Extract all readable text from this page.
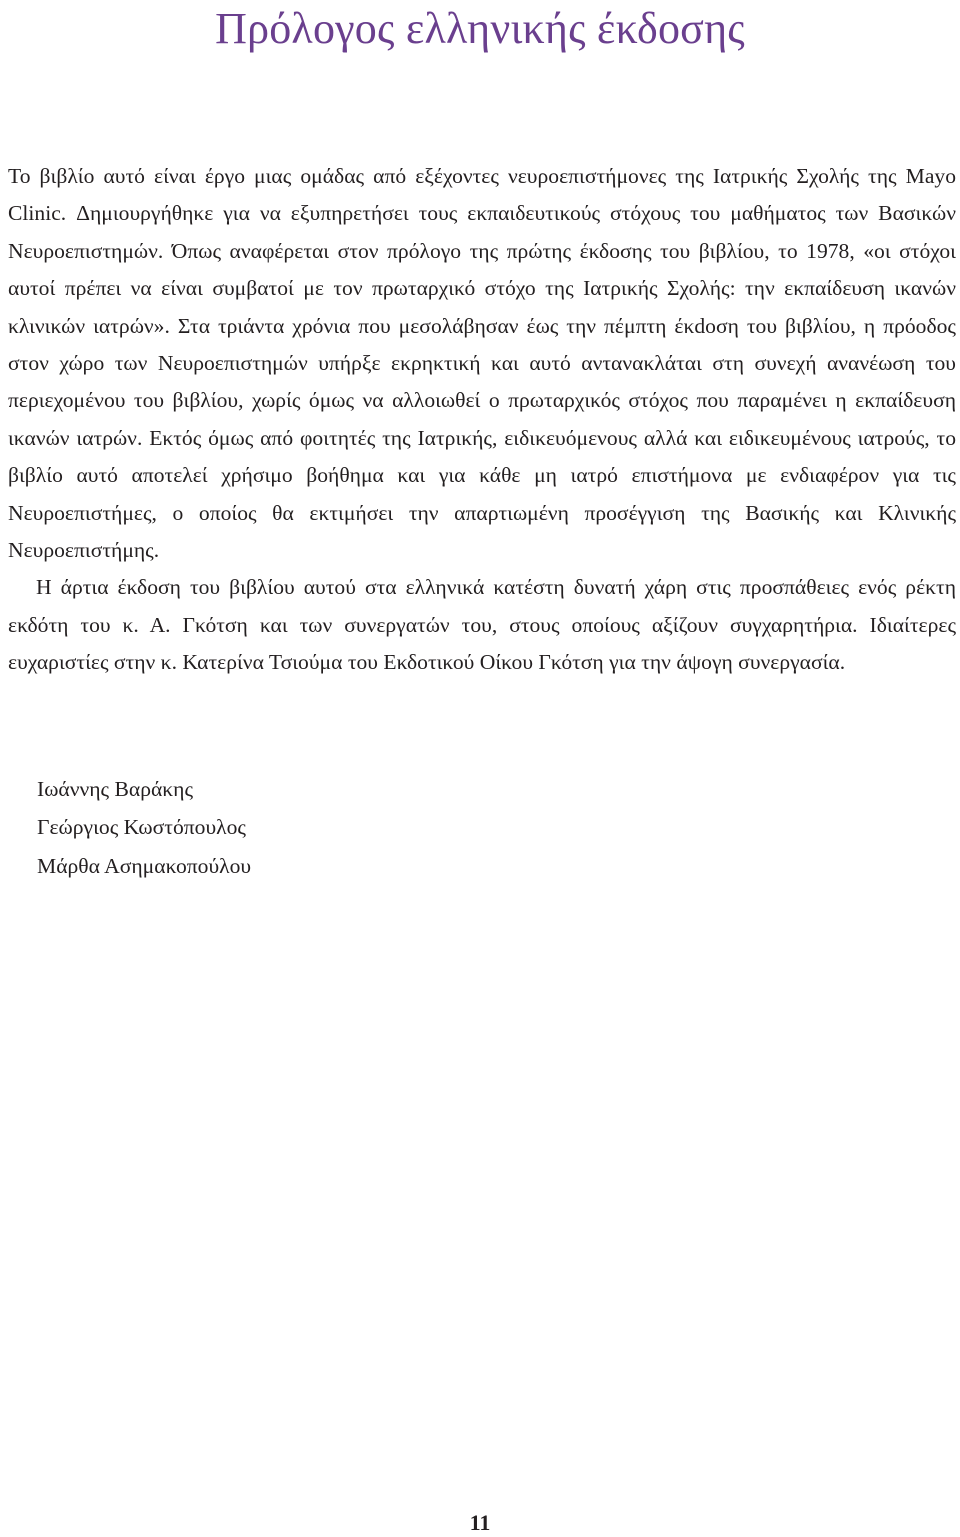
Πρόλογος ελληνικής έκδοσης

Το βιβλίο αυτό είναι έργο μιας ομάδας από εξέχοντες νευροεπιστήμονες της Ιατρικής Σχολής της Mayo Clinic. Δημιουργήθηκε για να εξυπηρετήσει τους εκπαιδευτικούς στόχους του μαθήματος των Βασικών Νευροεπιστημών. Όπως αναφέρεται στον πρόλογο της πρώτης έκδοσης του βιβλίου, το 1978, «οι στόχοι αυτοί πρέπει να είναι συμβατοί με τον πρωταρχικό στόχο της Ιατρικής Σχολής: την εκπαίδευση ικανών κλινικών ιατρών». Στα τριάντα χρόνια που μεσολάβησαν έως την πέμπτη έκdοση του βιβλίου, η πρόοδος στον χώρο των Νευροεπιστημών υπήρξε εκρηκτική και αυτό αντανακλάται στη συνεχή ανανέωση του περιεχομένου του βιβλίου, χωρίς όμως να αλλοιωθεί ο πρωταρχικός στόχος που παραμένει η εκπαίδευση ικανών ιατρών. Εκτός όμως από φοιτητές της Ιατρικής, ειδικευόμενους αλλά και ειδικευμένους ιατρούς, το βιβλίο αυτό αποτελεί χρήσιμο βοήθημα και για κάθε μη ιατρό επιστήμονα με ενδιαφέρον για τις Νευροεπιστήμες, ο οποίος θα εκτιμήσει την απαρτιωμένη προσέγγιση της Βασικής και Κλινικής Νευροεπιστήμης.

Η άρτια έκδοση του βιβλίου αυτού στα ελληνικά κατέστη δυνατή χάρη στις προσπάθειες ενός ρέκτη εκδότη του κ. Α. Γκότση και των συνεργατών του, στους οποίους αξίζουν συγχαρητήρια. Ιδιαίτερες ευχαριστίες στην κ. Κατερίνα Τσιούμα του Εκδοτικού Οίκου Γκότση για την άψογη συνεργασία.

Ιωάννης Βαράκης
Γεώργιος Κωστόπουλος
Μάρθα Ασημακοπούλου
11
